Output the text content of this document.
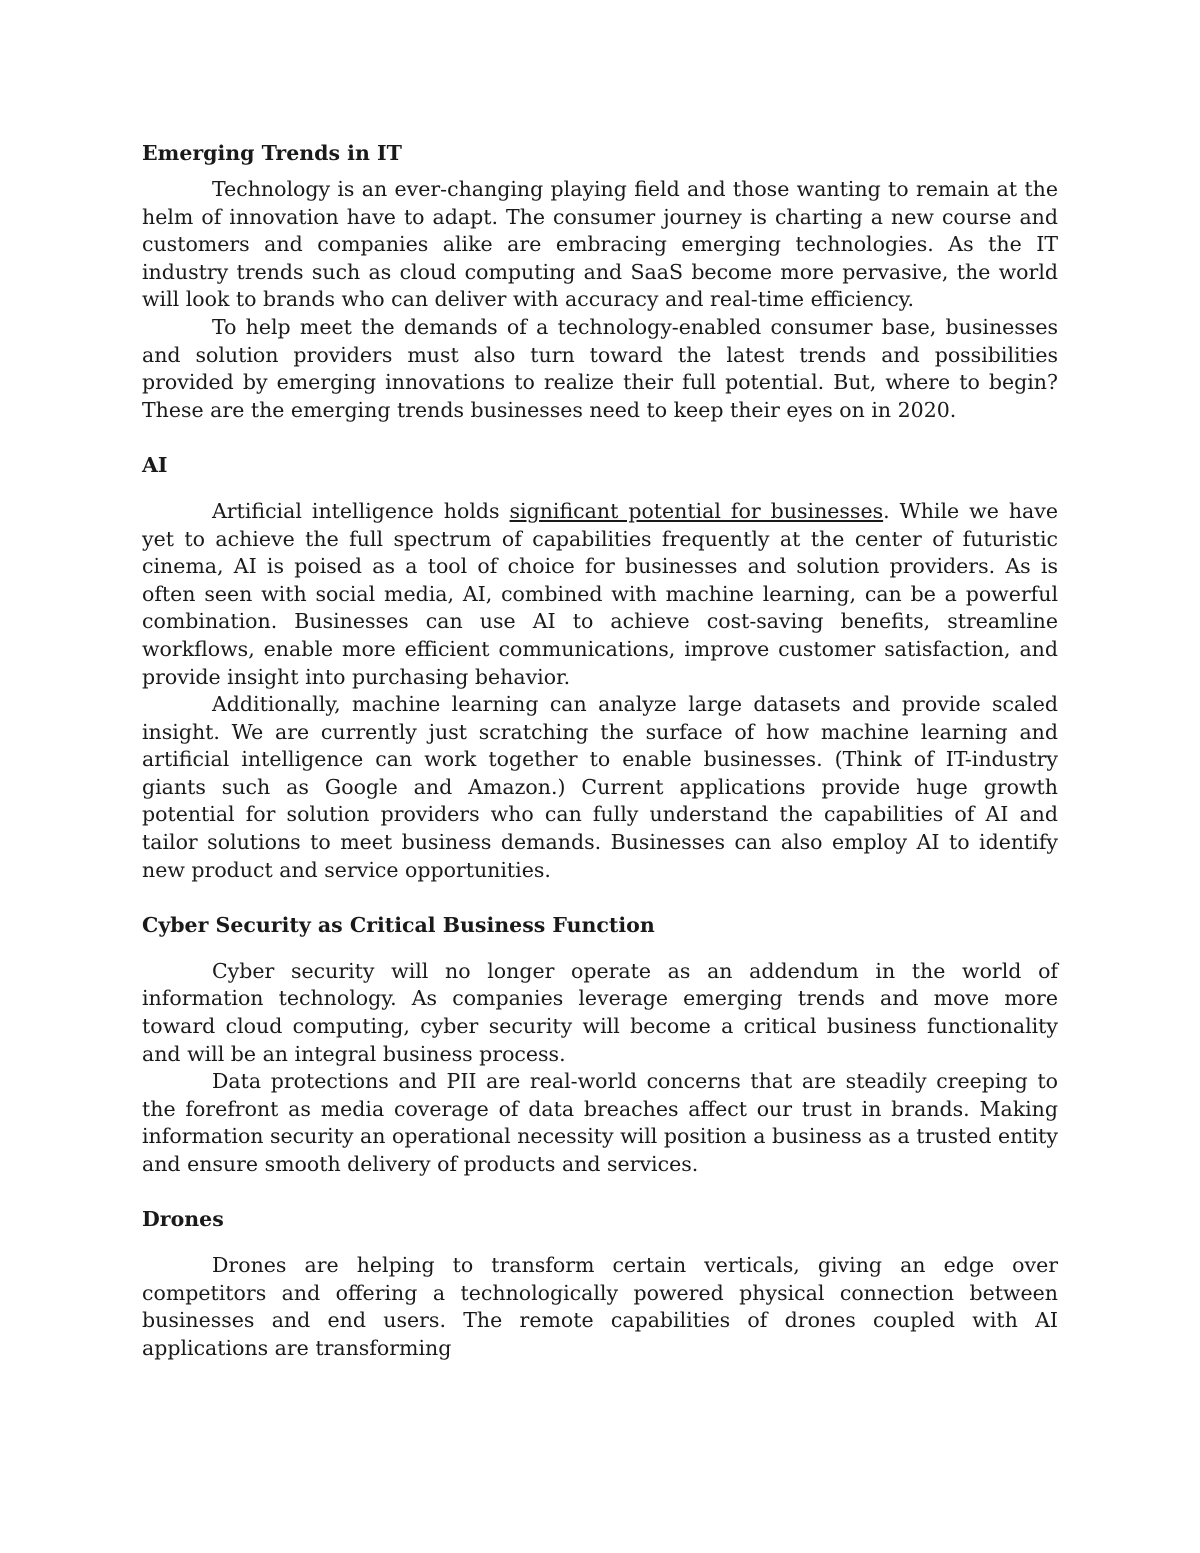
Emerging Trends in IT

Technology is an ever-changing playing field and those wanting to remain at the helm of innovation have to adapt. The consumer journey is charting a new course and customers and companies alike are embracing emerging technologies. As the IT industry trends such as cloud computing and SaaS become more pervasive, the world will look to brands who can deliver with accuracy and real-time efficiency.

To help meet the demands of a technology-enabled consumer base, businesses and solution providers must also turn toward the latest trends and possibilities provided by emerging innovations to realize their full potential. But, where to begin? These are the emerging trends businesses need to keep their eyes on in 2020.

AI

Artificial intelligence holds significant potential for businesses. While we have yet to achieve the full spectrum of capabilities frequently at the center of futuristic cinema, AI is poised as a tool of choice for businesses and solution providers. As is often seen with social media, AI, combined with machine learning, can be a powerful combination. Businesses can use AI to achieve cost-saving benefits, streamline workflows, enable more efficient communications, improve customer satisfaction, and provide insight into purchasing behavior.

Additionally, machine learning can analyze large datasets and provide scaled insight. We are currently just scratching the surface of how machine learning and artificial intelligence can work together to enable businesses. (Think of IT-industry giants such as Google and Amazon.) Current applications provide huge growth potential for solution providers who can fully understand the capabilities of AI and tailor solutions to meet business demands. Businesses can also employ AI to identify new product and service opportunities.

Cyber Security as Critical Business Function

Cyber security will no longer operate as an addendum in the world of information technology. As companies leverage emerging trends and move more toward cloud computing, cyber security will become a critical business functionality and will be an integral business process.

Data protections and PII are real-world concerns that are steadily creeping to the forefront as media coverage of data breaches affect our trust in brands. Making information security an operational necessity will position a business as a trusted entity and ensure smooth delivery of products and services.

Drones

Drones are helping to transform certain verticals, giving an edge over competitors and offering a technologically powered physical connection between businesses and end users. The remote capabilities of drones coupled with AI applications are transforming
